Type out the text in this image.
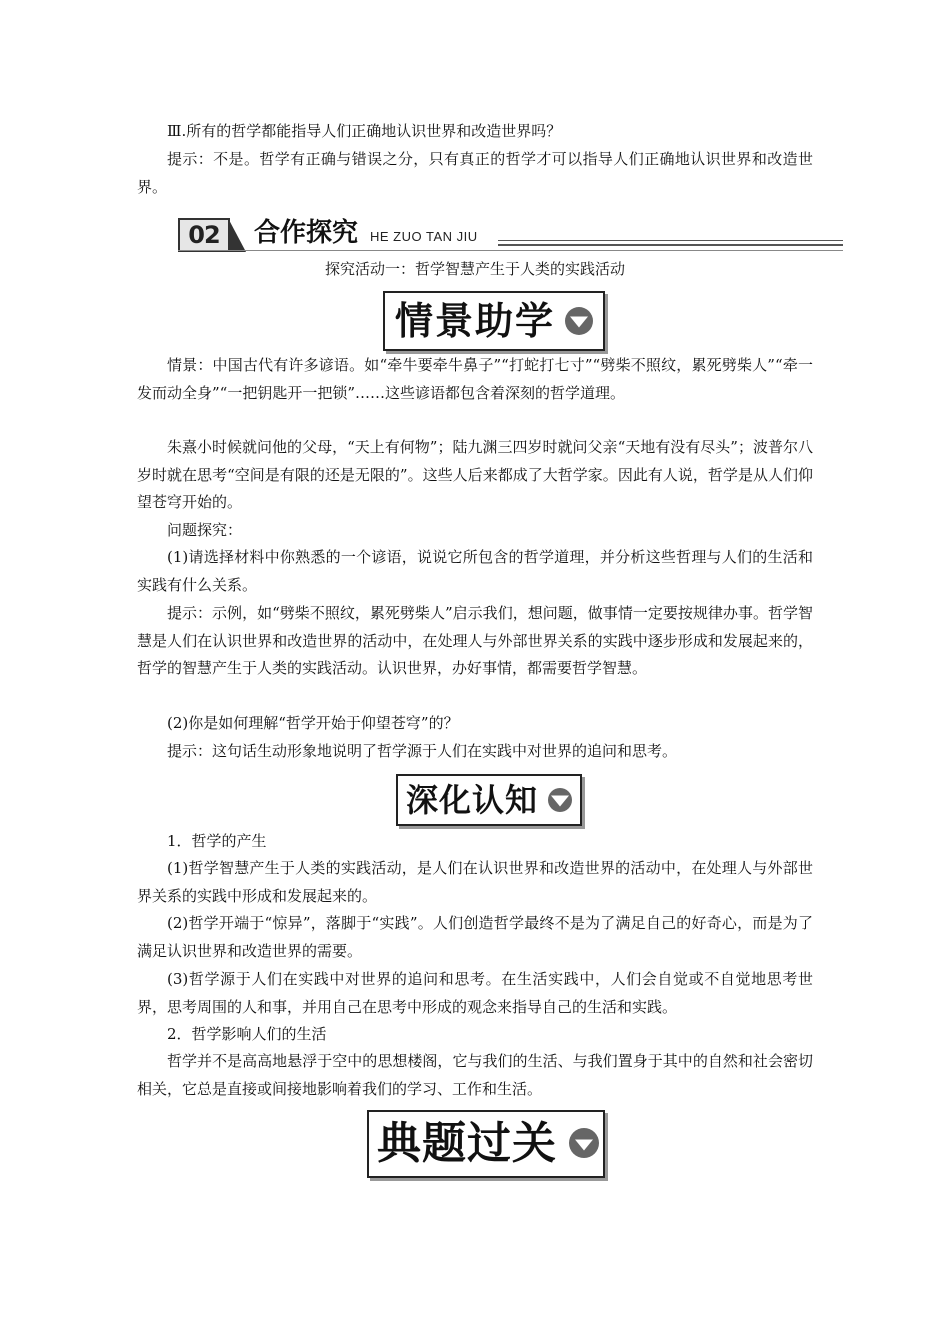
Ⅲ.所有的哲学都能指导人们正确地认识世界和改造世界吗？

提示：不是。哲学有正确与错误之分，只有真正的哲学才可以指导人们正确地认识世界和改造世界。

02	合作探究 HE ZUO TAN JIU

探究活动一：哲学智慧产生于人类的实践活动

情景助学

情景：中国古代有许多谚语。如“牵牛要牵牛鼻子”“打蛇打七寸”“劈柴不照纹，累死劈柴人”“牵一发而动全身”“一把钥匙开一把锁”……这些谚语都包含着深刻的哲学道理。

朱熹小时候就问他的父母，“天上有何物”；陆九渊三四岁时就问父亲“天地有没有尽头”；波普尔八岁时就在思考“空间是有限的还是无限的”。这些人后来都成了大哲学家。因此有人说，哲学是从人们仰望苍穹开始的。

问题探究：

(1)请选择材料中你熟悉的一个谚语，说说它所包含的哲学道理，并分析这些哲理与人们的生活和实践有什么关系。

提示：示例，如“劈柴不照纹，累死劈柴人”启示我们，想问题，做事情一定要按规律办事。哲学智慧是人们在认识世界和改造世界的活动中，在处理人与外部世界关系的实践中逐步形成和发展起来的，哲学的智慧产生于人类的实践活动。认识世界，办好事情，都需要哲学智慧。

(2)你是如何理解“哲学开始于仰望苍穹”的？

提示：这句话生动形象地说明了哲学源于人们在实践中对世界的追问和思考。

深化认知

1．哲学的产生

(1)哲学智慧产生于人类的实践活动，是人们在认识世界和改造世界的活动中，在处理人与外部世界关系的实践中形成和发展起来的。

(2)哲学开端于“惊异”，落脚于“实践”。人们创造哲学最终不是为了满足自己的好奇心，而是为了满足认识世界和改造世界的需要。

(3)哲学源于人们在实践中对世界的追问和思考。在生活实践中，人们会自觉或不自觉地思考世界，思考周围的人和事，并用自己在思考中形成的观念来指导自己的生活和实践。

2．哲学影响人们的生活

哲学并不是高高地悬浮于空中的思想楼阁，它与我们的生活、与我们置身于其中的自然和社会密切相关，它总是直接或间接地影响着我们的学习、工作和生活。

典题过关
